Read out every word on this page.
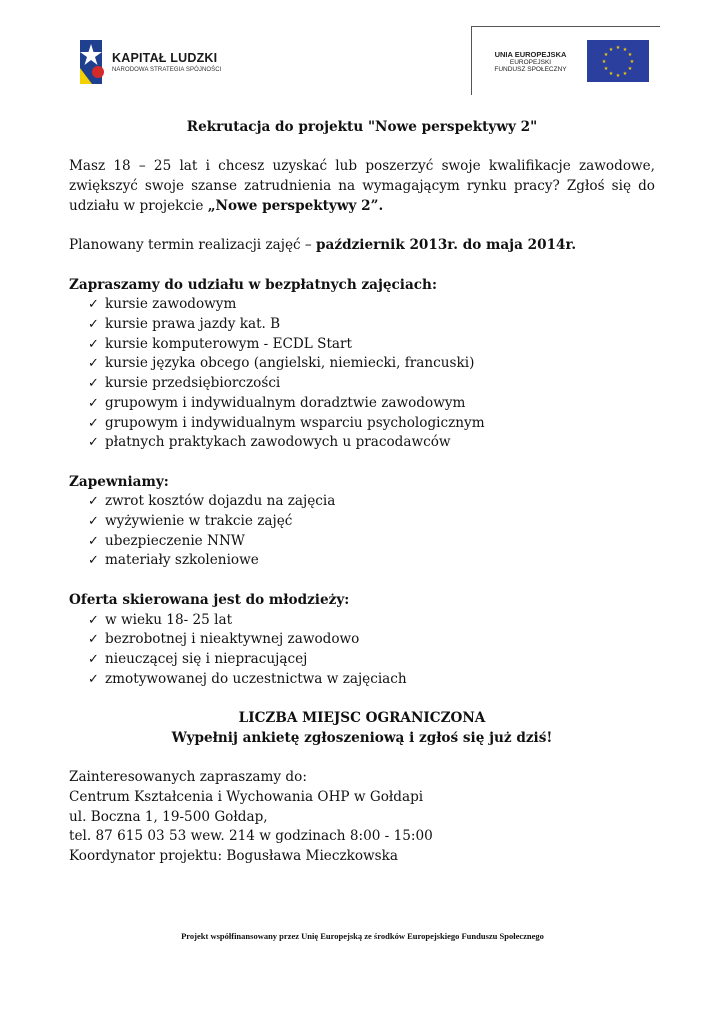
KAPITAŁ LUDZKI
NARODOWA STRATEGIA SPÓJNOŚCI
UNIA EUROPEJSKA
EUROPEJSKI
FUNDUSZ SPOŁECZNY
★ ★
★
★
★
★
★
★
★
★
★
★

Rekrutacja do projektu "Nowe perspektywy 2"

Masz 18 – 25 lat i chcesz uzyskać lub poszerzyć swoje kwalifikacje zawodowe, zwiększyć swoje szanse zatrudnienia na wymagającym rynku pracy? Zgłoś się do udziału w projekcie „Nowe perspektywy 2”.

Planowany termin realizacji zajęć – październik 2013r. do maja 2014r.

Zapraszamy do udziału w bezpłatnych zajęciach:

✓ kursie zawodowym
✓ kursie prawa jazdy kat. B
✓ kursie komputerowym - ECDL Start
✓ kursie języka obcego (angielski, niemiecki, francuski)
✓ kursie przedsiębiorczości
✓ grupowym i indywidualnym doradztwie zawodowym
✓ grupowym i indywidualnym wsparciu psychologicznym
✓ płatnych praktykach zawodowych u pracodawców

Zapewniamy:

✓ zwrot kosztów dojazdu na zajęcia
✓ wyżywienie w trakcie zajęć
✓ ubezpieczenie NNW
✓ materiały szkoleniowe

Oferta skierowana jest do młodzieży:

✓ w wieku 18- 25 lat
✓ bezrobotnej i nieaktywnej zawodowo
✓ nieuczącej się i niepracującej
✓ zmotywowanej do uczestnictwa w zajęciach

LICZBA MIEJSC OGRANICZONA

Wypełnij ankietę zgłoszeniową i zgłoś się już dziś!

Zainteresowanych zapraszamy do:

Centrum Kształcenia i Wychowania OHP w Gołdapi

ul. Boczna 1, 19-500 Gołdap,

tel. 87 615 03 53 wew. 214 w godzinach 8:00 - 15:00

Koordynator projektu: Bogusława Mieczkowska

Projekt współfinansowany przez Unię Europejską ze środków Europejskiego Funduszu Społecznego
